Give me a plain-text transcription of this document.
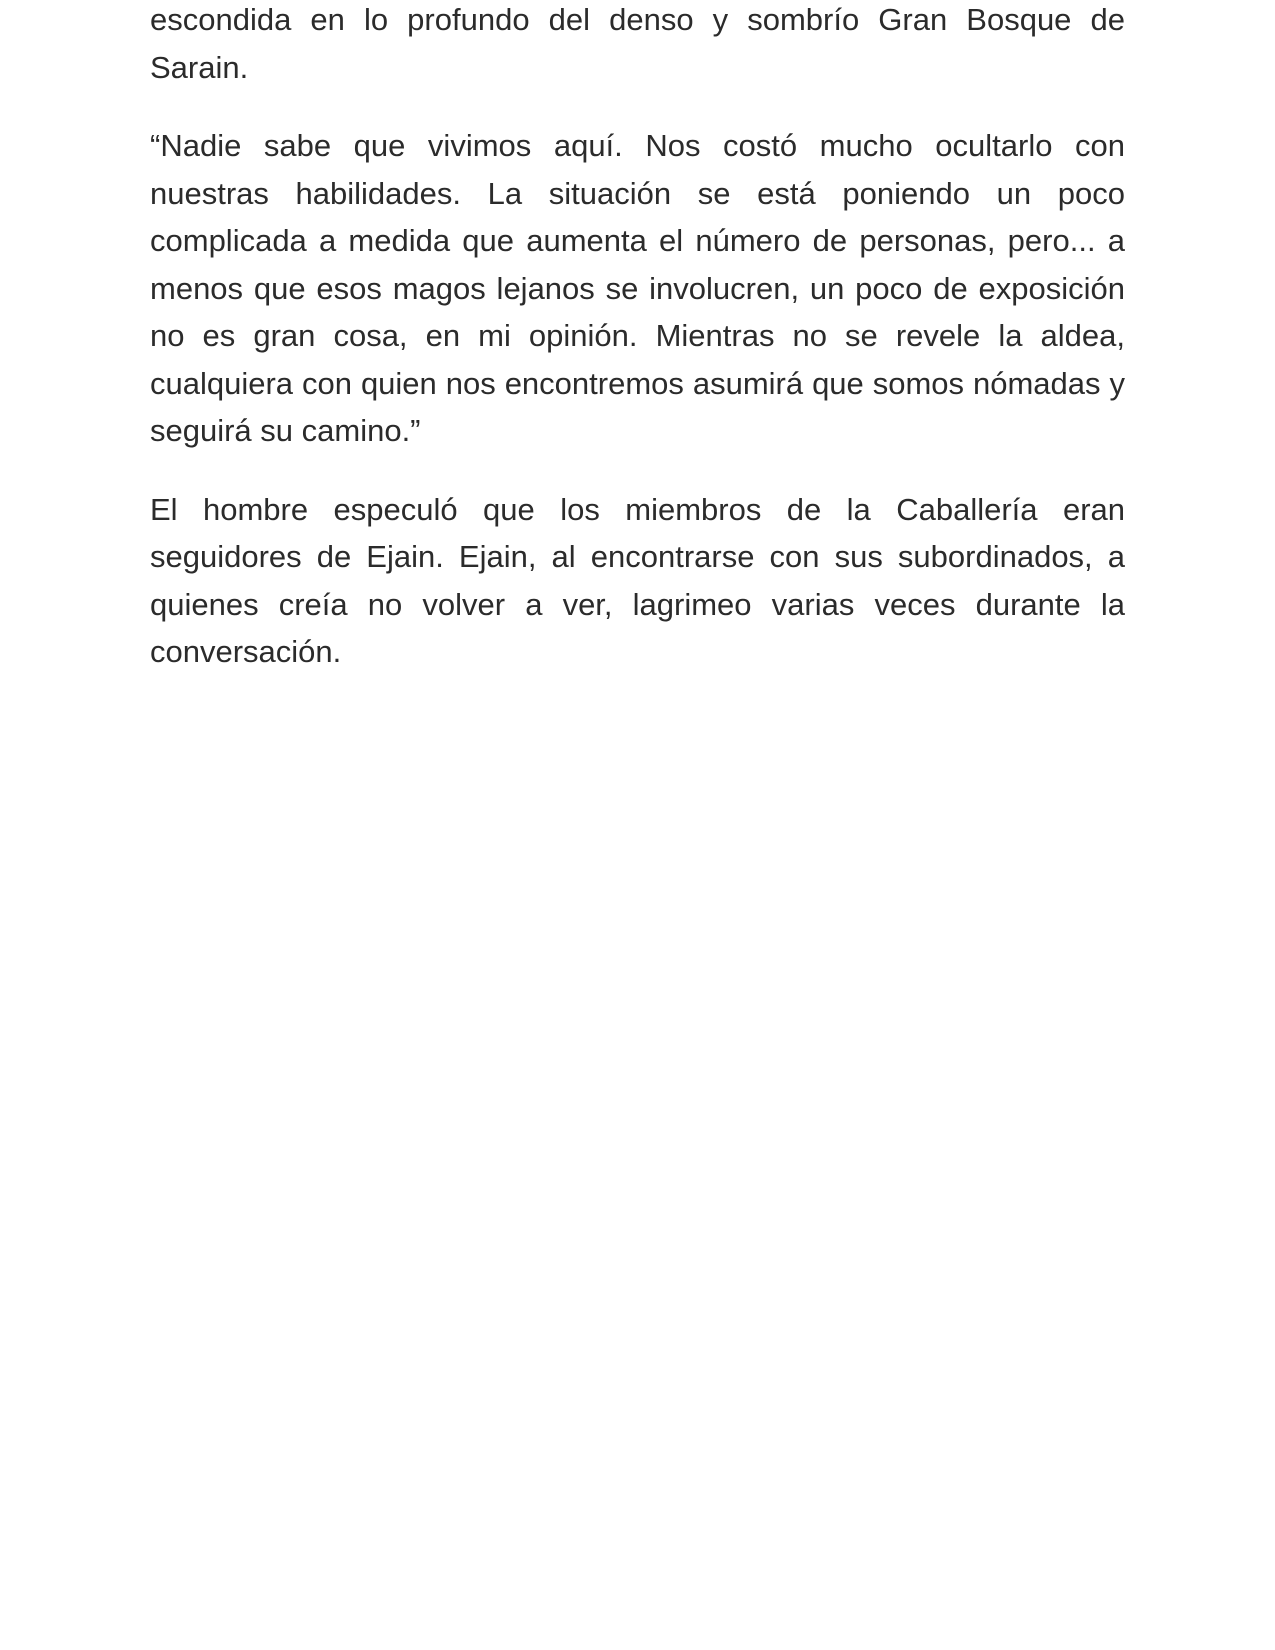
escondida en lo profundo del denso y sombrío Gran Bosque de Sarain.

“Nadie sabe que vivimos aquí. Nos costó mucho ocultarlo con nuestras habilidades. La situación se está poniendo un poco complicada a medida que aumenta el número de personas, pero... a menos que esos magos lejanos se involucren, un poco de exposición no es gran cosa, en mi opinión. Mientras no se revele la aldea, cualquiera con quien nos encontremos asumirá que somos nómadas y seguirá su camino.”

El hombre especuló que los miembros de la Caballería eran seguidores de Ejain. Ejain, al encontrarse con sus subordinados, a quienes creía no volver a ver, lagrimeo varias veces durante la conversación.
